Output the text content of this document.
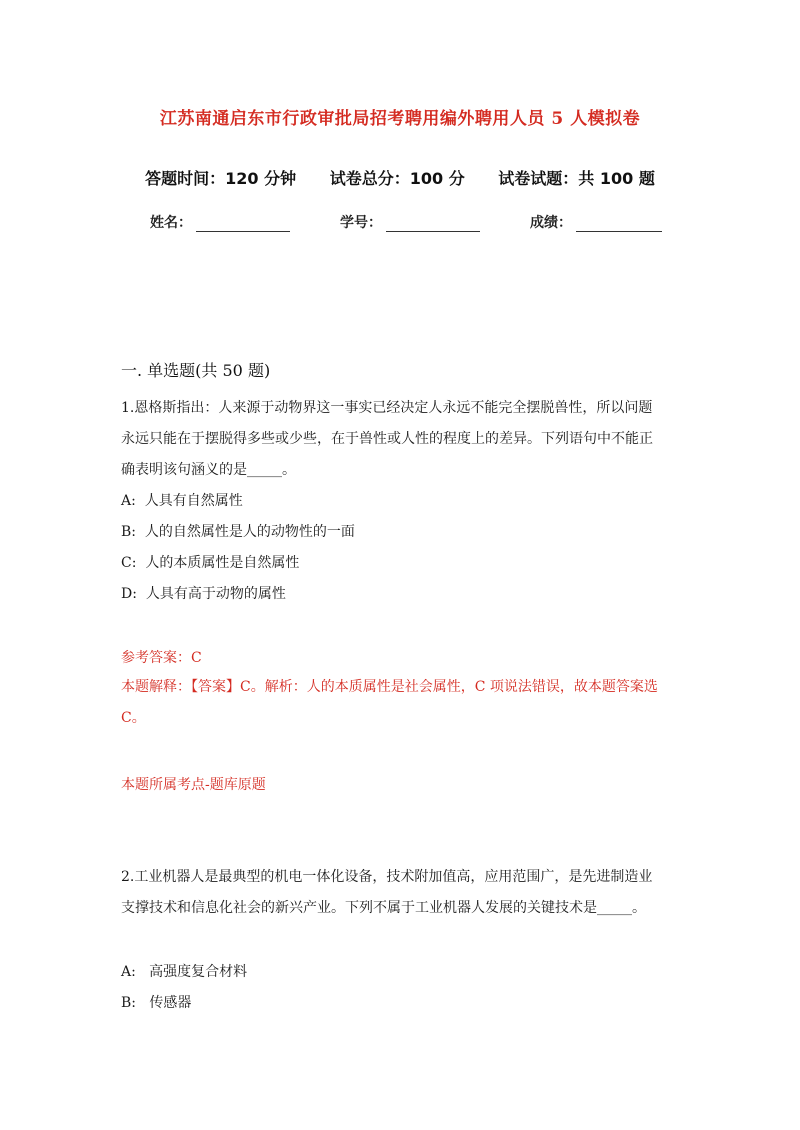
江苏南通启东市行政审批局招考聘用编外聘用人员 5 人模拟卷
答题时间：120 分钟 试卷总分：100 分 试卷试题：共 100 题
姓名：	学号：	成绩：
一. 单选题(共 50 题)
1.恩格斯指出：人来源于动物界这一事实已经决定人永远不能完全摆脱兽性，所以问题永远只能在于摆脱得多些或少些，在于兽性或人性的程度上的差异。下列语句中不能正确表明该句涵义的是_____。
A:  人具有自然属性
B:  人的自然属性是人的动物性的一面
C:  人的本质属性是自然属性
D:  人具有高于动物的属性
参考答案：C
本题解释：【答案】C。解析：人的本质属性是社会属性，C 项说法错误，故本题答案选 C。
本题所属考点-题库原题
2.工业机器人是最典型的机电一体化设备，技术附加值高，应用范围广，是先进制造业支撑技术和信息化社会的新兴产业。下列不属于工业机器人发展的关键技术是_____。
A:   高强度复合材料
B:   传感器
